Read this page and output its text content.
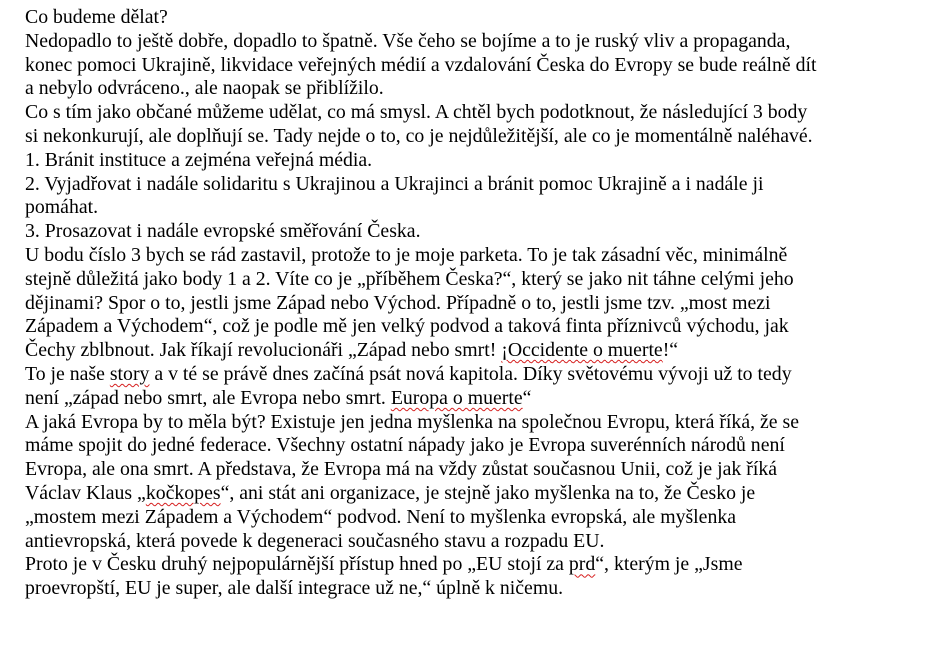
Co budeme dělat?
Nedopadlo to ještě dobře, dopadlo to špatně. Vše čeho se bojíme a to je ruský vliv a propaganda,
konec pomoci Ukrajině, likvidace veřejných médií a vzdalování Česka do Evropy se bude reálně dít
a nebylo odvráceno., ale naopak se přiblížilo.
Co s tím jako občané můžeme udělat, co má smysl. A chtěl bych podotknout, že následující 3 body
si nekonkurují, ale doplňují se. Tady nejde o to, co je nejdůležitější, ale co je momentálně naléhavé.
1. Bránit instituce a zejména veřejná média.
2. Vyjadřovat i nadále solidaritu s Ukrajinou a Ukrajinci a bránit pomoc Ukrajině a i nadále ji
pomáhat.
3. Prosazovat i nadále evropské směřování Česka.
U bodu číslo 3 bych se rád zastavil, protože to je moje parketa. To je tak zásadní věc, minimálně
stejně důležitá jako body 1 a 2. Víte co je „příběhem Česka?“, který se jako nit táhne celými jeho
dějinami? Spor o to, jestli jsme Západ nebo Východ. Případně o to, jestli jsme tzv. „most mezi
Západem a Východem“, což je podle mě jen velký podvod a taková finta příznivců východu, jak
Čechy zblbnout. Jak říkají revolucionáři „Západ nebo smrt! ¡Occidente o muerte!“
To je naše story a v té se právě dnes začíná psát nová kapitola. Díky světovému vývoji už to tedy
není „západ nebo smrt, ale Evropa nebo smrt. Europa o muerte“
A jaká Evropa by to měla být? Existuje jen jedna myšlenka na společnou Evropu, která říká, že se
máme spojit do jedné federace. Všechny ostatní nápady jako je Evropa suverénních národů není
Evropa, ale ona smrt. A představa, že Evropa má na vždy zůstat současnou Unii, což je jak říká
Václav Klaus „kočkopes“, ani stát ani organizace, je stejně jako myšlenka na to, že Česko je
„mostem mezi Západem a Východem“ podvod. Není to myšlenka evropská, ale myšlenka
antievropská, která povede k degeneraci současného stavu a rozpadu EU.
Proto je v Česku druhý nejpopulárnější přístup hned po „EU stojí za prd“, kterým je „Jsme
proevropští, EU je super, ale další integrace už ne,“ úplně k ničemu.
